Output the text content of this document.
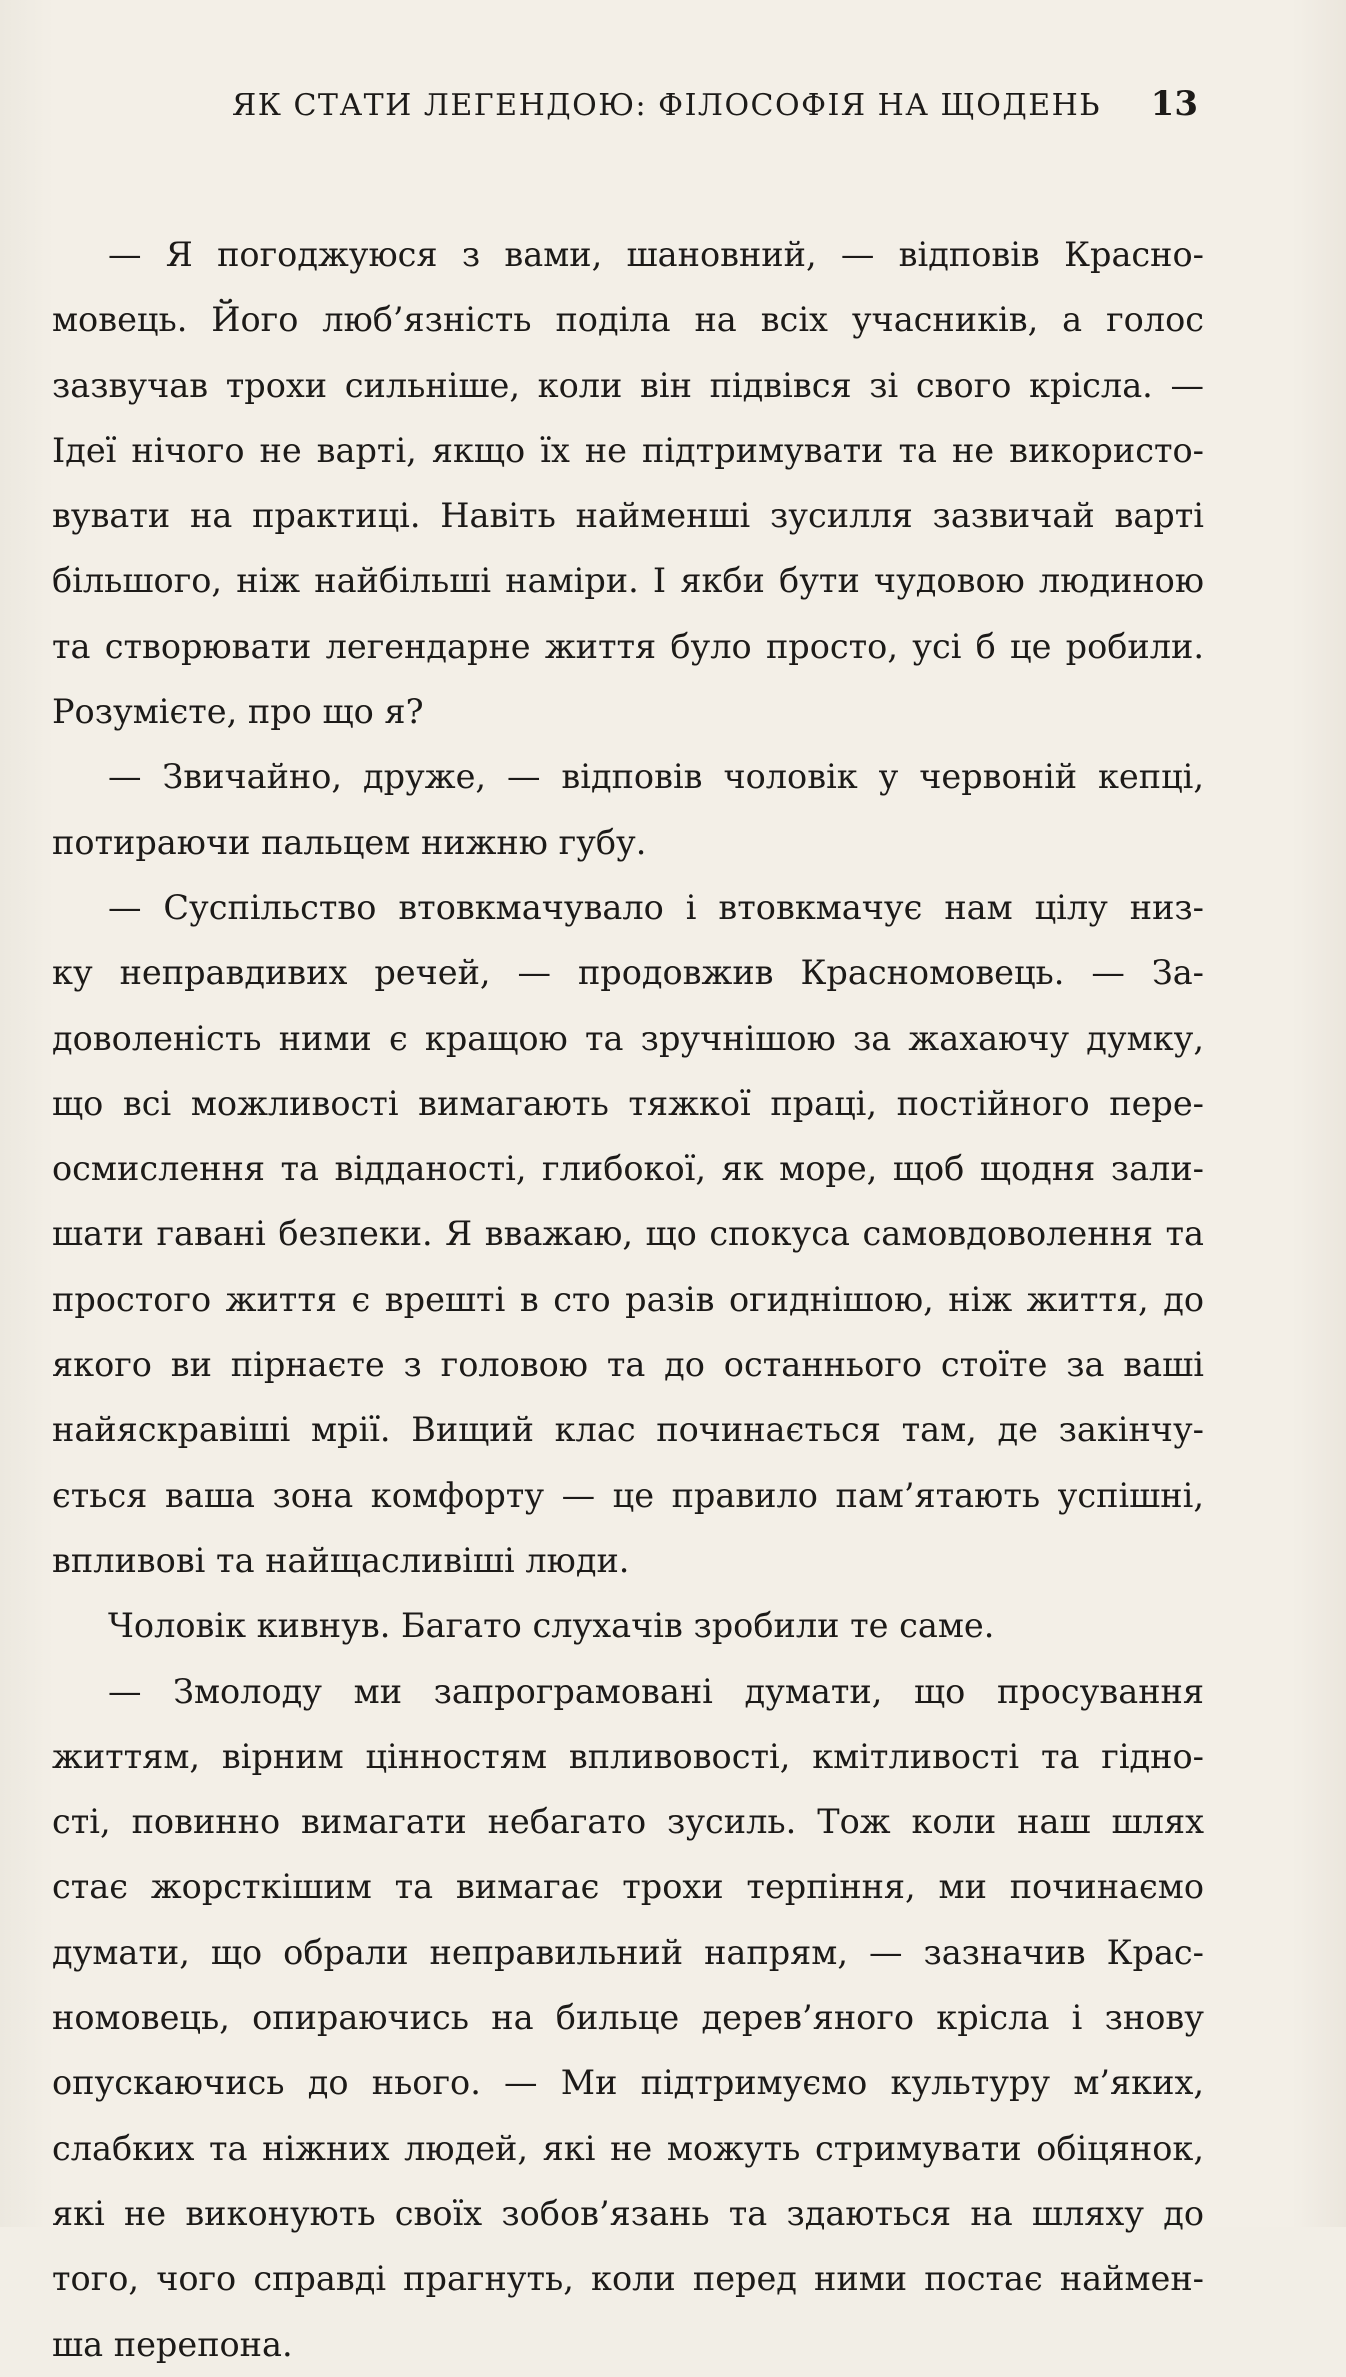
ЯК СТАТИ ЛЕГЕНДОЮ: ФІЛОСОФІЯ НА ЩОДЕНЬ 13
— Я погоджуюся з вами, шановний, — відповів Красно-
мовець. Його люб’язність поділа на всіх учасників, а голос
зазвучав трохи сильніше, коли він підвівся зі свого крісла. —
Ідеї нічого не варті, якщо їх не підтримувати та не використо-
вувати на практиці. Навіть найменші зусилля зазвичай варті
більшого, ніж найбільші наміри. І якби бути чудовою людиною
та створювати легендарне життя було просто, усі б це робили.
Розумієте, про що я?
— Звичайно, друже, — відповів чоловік у червоній кепці,
потираючи пальцем нижню губу.
— Суспільство втовкмачувало і втовкмачує нам цілу низ-
ку неправдивих речей, — продовжив Красномовець. — За-
доволеність ними є кращою та зручнішою за жахаючу думку,
що всі можливості вимагають тяжкої праці, постійного пере-
осмислення та відданості, глибокої, як море, щоб щодня зали-
шати гавані безпеки. Я вважаю, що спокуса самовдоволення та
простого життя є врешті в сто разів огиднішою, ніж життя, до
якого ви пірнаєте з головою та до останнього стоїте за ваші
найяскравіші мрії. Вищий клас починається там, де закінчу-
ється ваша зона комфорту — це правило пам’ятають успішні,
впливові та найщасливіші люди.
Чоловік кивнув. Багато слухачів зробили те саме.
— Змолоду ми запрограмовані думати, що просування
життям, вірним цінностям впливовості, кмітливості та гідно-
сті, повинно вимагати небагато зусиль. Тож коли наш шлях
стає жорсткішим та вимагає трохи терпіння, ми починаємо
думати, що обрали неправильний напрям, — зазначив Крас-
номовець, опираючись на бильце дерев’яного крісла і знову
опускаючись до нього. — Ми підтримуємо культуру м’яких,
слабких та ніжних людей, які не можуть стримувати обіцянок,
які не виконують своїх зобов’язань та здаються на шляху до
того, чого справді прагнуть, коли перед ними постає наймен-
ша перепона.
